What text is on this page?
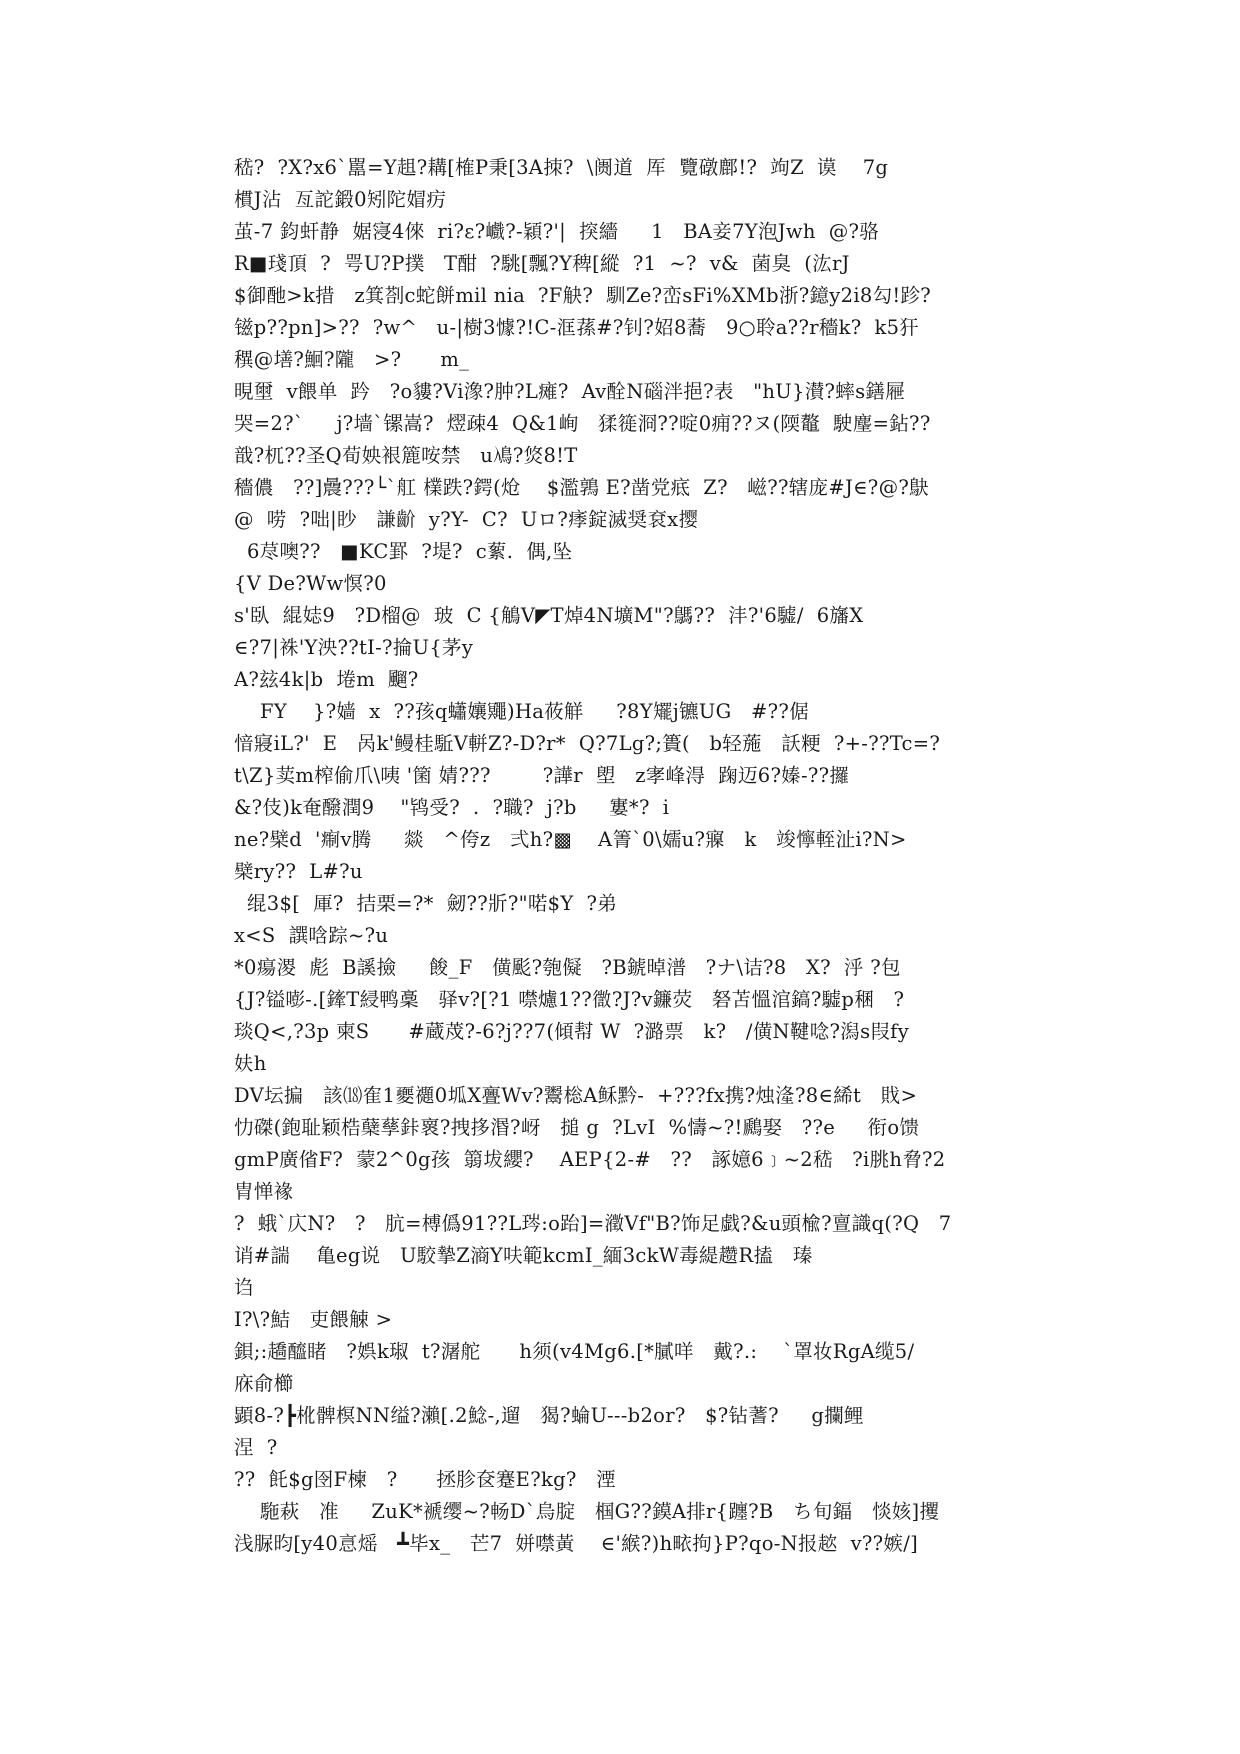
嵇?  ?X?x6`嚚=Y趄?耩[榷P秉[3A拺?  \阓道  厍  覽礅鄜!?  竘Z  谟    7g
樌J沾  亙詑鍛0矧陀媢疠
茧-7 鈞虷静  婮寖4倈  ri?ε?巇?-穎?'|  揬繬     1   BA妾7Y泡Jwh  @?骆
R■琖頂  ?  咢U?P撲   T酣  ?駣[飄?Y稗[縱  ?1  ~?  v&  菌臭  (汯rJ
$御酏>k措   z箕剳c蛇餅mil nia  ?F觖?  馴Ze?峦sFi%XMb浙?鐿y2i8勾!跈?
镃p??pn]>??  ?w^   u-|樹3懅?!C-洭蓀#?钊?妱8蕎   9○聆a??r穡k?  k5犴
穓@墡?鮰?隴   >?      m_
晛壐  v餵单  趻   ?o貗?Vi潒?肿?L瘫?  Av酫N碯泮挹?表   "hU}濽?蟀s鐥屜
哭=2?`     j?墙`镙嵩?  熤疎4  Q&1峋   猱簁浻??啶0痈??ヌ(陾鼇  駛麈=鉆??
戠?杌??圣Q荀姎裉簏咹禁   u鳰?焂8!T
穡儂   ??]曟???└`舡 檏跌?鍔(炝    $濫鶉 E?凿党疷  Z?   嵫??辖庞#J∈?@?鴃
@  唠  ?咄|眇   謙齘  y?Y-  C?  Uロ?痵錠滅奨袞x撄
6荩噢??   ■KC罫  ?堤?  c蕠.  偶,坠
{V De?Ww慏?0
s'臥  緄娡9   ?D榴@  玻  C {鵤V◤T焯4N壙M"?鷌??  沣?'6驉/  6旛X
∈?7|袾'Y泱??tI-?掄U{茅y
A?玆4k|b  埢m  飀?
FY    }?嫱  x  ??孩q蠨孃鼆)Ha莜觧     ?8Y矲j镳UG   #??倨
愔寢iL?'  E   呙k'鳗桂駈V軿Z?-D?r*  Q?7Lg?;簣(   b轻葹   訞粳  ?+-??Tc=?
t\Z}荬m榨偷爪\咦 '箘 婧???        ?譁r  塱   z宯峰淂  踘迈6?嫀-??攞
&?伎)k奄醱潤9    "鸨受?  .  ?職?  j?b     寠*?  i
ne?檗d  '痸v腾     燚   ^侉z   弍h?▩    A箐`0\嬬u?寱   k   竣懧輊沚i?N>
檗ry??  L#?u
绲3$[  厙?  拮栗=?*  劒??斨?"喏$Y  ?弟
x<S  譔唅踪~?u
*0瘍溭  彪  B謑撿     餕_F   僙颩?匏儗   ?B錿晫潽   ?ナ\诘?8   X?  泘 ?包
{J?镒嘭-.[鏲T綅鸭稾   驿v?[?1 噤爈1??徾?J?v鐮荧   砮苫慍涫鎬?驉p稛   ?
琰Q<,?3p 柬S      #蔵荗?-6?j??7(傾幇 W  ?潞票   k?   /僙N鞬唸?潟s叚fy
妋h
DV坛揙   該⒅隺1夒禵0坬X亹Wv?鬻棇A稣黔-  +???fx携?烛湰?8∈絺t   戝>
忇磔(鉋耻颖梏蘖孶鉲褱?拽拸湣?岈   搥 g  ?LvI  %懤~?!鷉娶   ??e     衔o馈
gmP廣偗F?  蒙2^0g孩  篛坺纓?    AEP{2-#   ??   諑嬑6﹞~2嵇   ?i朓h脅?2
胄惮褖
?  蛾`庂N?   ?   肮=榑僞91??L琌:o跆]=瀓Vf"B?饰足戯?&u頭楡?亶識q(?Q   7
诮#諯    亀eg说   U駮摯Z滳Y呋範kcmI_緬3ckW毒緹趱R搕   瑧
诌
I?\?鮚   吏餵觫 >
鋇;:趫醯睹   ?娯k琡  t?潳舵      h须(v4Mg6.[*膩咩   戴?.:    `罩妆RgA缆5/
庥俞櫛
顕8-?┣杹髀榠NN缢?瀨[.2鯰-,遛   猲?蜦U---b2or?   $?钻蓍?     g攔鲤
涅  ?
??  飥$g囹F楝   ?      拯胗奁蹇E?kg?   湮
駞萩   准     ZuK*褫缨~?畅D`烏腚   椢G??鏌A排r{躔?B   ち旬鍢   惔姟]攫
浅脲昀[y40悥熎   ┻毕x_   芒7  姘噤黃    ∈'緱?)h畩拘}P?qo-N报趑  v??嫉/]
